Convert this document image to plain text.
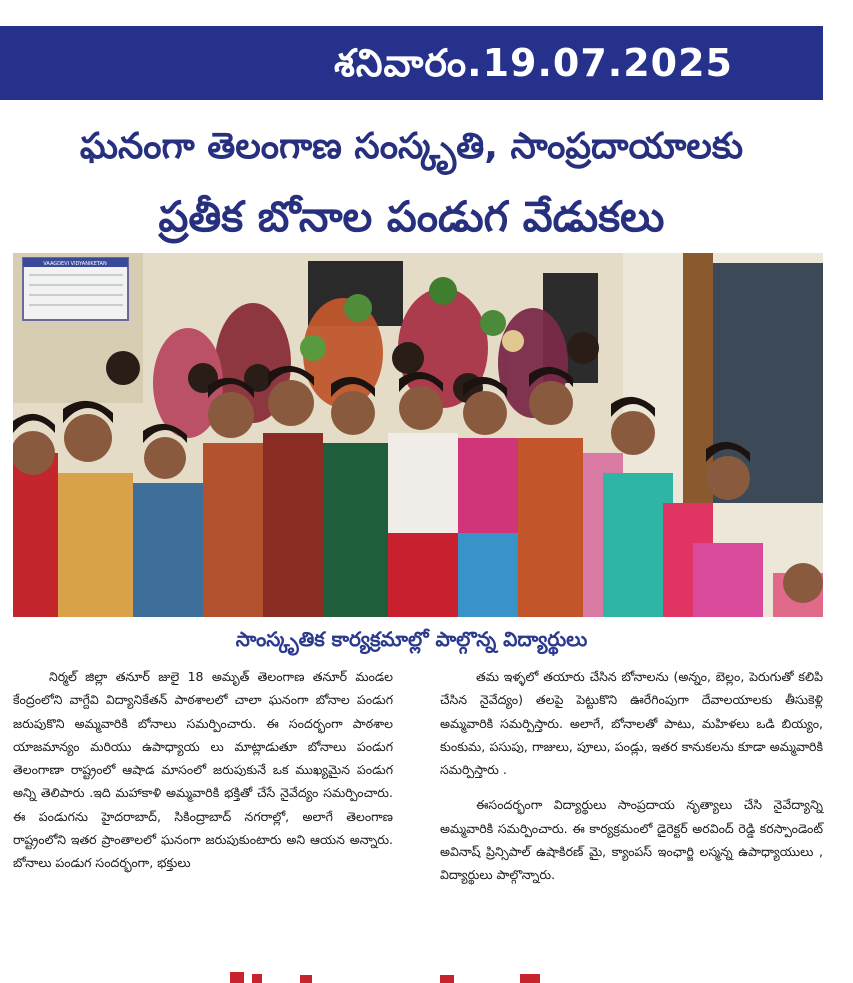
శనివారం.19.07.2025
ఘనంగా తెలంగాణ సంస్కృతి, సాంప్రదాయాలకు
ప్రతీక బోనాల పండుగ వేడుకలు
VAAGDEVI VIDYANIKETAN
సాంస్కృతిక కార్యక్రమాల్లో పాల్గొన్న విద్యార్థులు

నిర్మల్ జిల్లా తనూర్ జులై 18 అమృత్ తెలంగాణ తనూర్ మండల కేంద్రంలోని వాగ్దేవి విద్యానికేతన్ పాఠశాలలో చాలా ఘనంగా బోనాల పండుగ జరుపుకొని అమ్మవారికి బోనాలు సమర్పించారు. ఈ సందర్భంగా పాఠశాల యాజమాన్యం మరియు ఉపాధ్యాయ లు మాట్లాడుతూ బోనాలు పండుగ తెలంగాణా రాష్ట్రంలో ఆషాడ మాసంలో జరుపుకునే ఒక ముఖ్యమైన పండుగ అన్ని తెలిపారు .ఇది మహాకాళి అమ్మవారికి భక్తితో చేసే నైవేద్యం సమర్పించారు. ఈ పండుగను హైదరాబాద్, సికింద్రాబాద్ నగరాల్లో, అలాగే తెలంగాణ రాష్ట్రంలోని ఇతర ప్రాంతాలలో ఘనంగా జరుపుకుంటారు అని ఆయన అన్నారు. బోనాలు పండుగ సందర్భంగా, భక్తులు

తమ ఇళ్ళలో తయారు చేసిన బోనాలను (అన్నం, బెల్లం, పెరుగుతో కలిపి చేసిన నైవేద్యం) తలపై పెట్టుకొని ఊరేగింపుగా దేవాలయాలకు తీసుకెళ్లి అమ్మవారికి సమర్పిస్తారు. అలాగే, బోనాలతో పాటు, మహిళలు ఒడి బియ్యం, కుంకుమ, పసుపు, గాజులు, పూలు, పండ్లు, ఇతర కానుకలను కూడా అమ్మవారికి సమర్పిస్తారు .

ఈసందర్భంగా విద్యార్థులు సాంప్రదాయ నృత్యాలు చేసి నైవేద్యాన్ని అమ్మవారికి సమర్పించారు. ఈ కార్యక్రమంలో డైరెక్టర్ అరవింద్ రెడ్డి కరస్పాండెంట్ అవినాష్ ప్రిన్సిపాల్ ఉషాకిరణ్ మై, క్యాంపస్ ఇంఛార్జి లస్మన్న ఉపాధ్యాయులు , విద్యార్థులు పాల్గొన్నారు.
